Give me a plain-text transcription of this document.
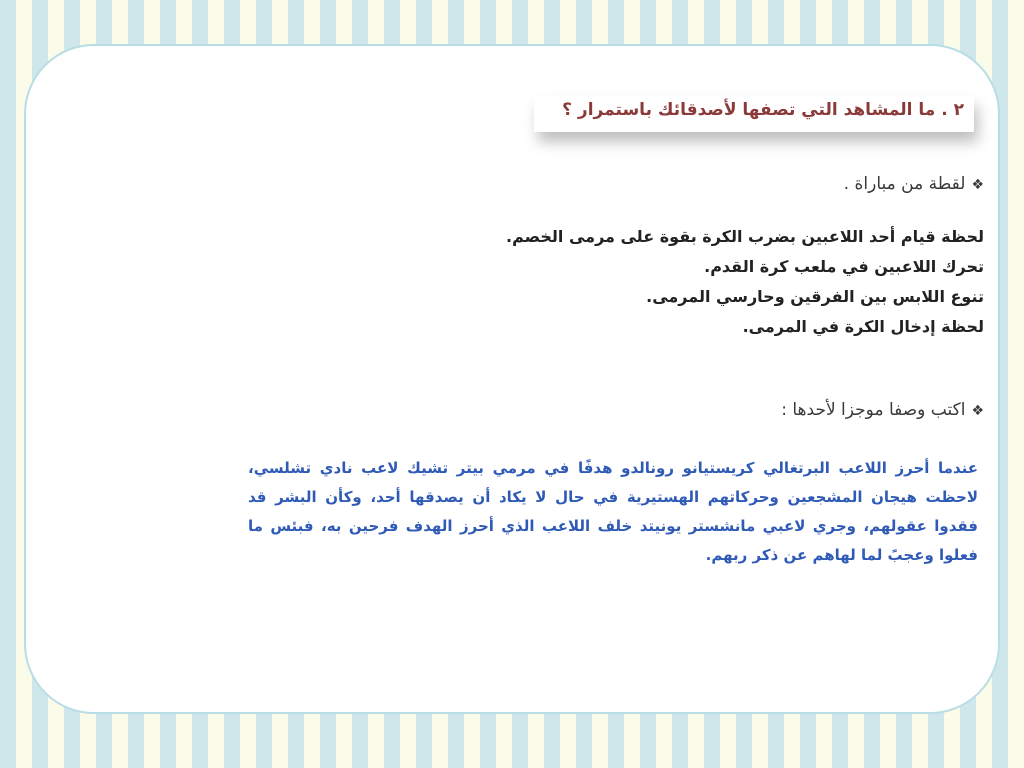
٢ . ما المشاهد التي تصفها لأصدقائك باستمرار ؟
❖لقطة من مباراة .
لحظة قيام أحد اللاعبين بضرب الكرة بقوة على مرمى الخصم.
تحرك اللاعبين في ملعب كرة القدم.
تنوع اللابس بين الفرقين وحارسي المرمى.
لحظة إدخال الكرة في المرمى.
❖اكتب وصفا موجزا لأحدها :
عندما أحرز اللاعب البرتغالي كريستيانو رونالدو هدفًا في مرمي بيتر تشيك لاعب نادي تشلسي، لاحظت هيجان المشجعين وحركاتهم الهستيرية في حال لا يكاد أن يصدقها أحد، وكأن البشر قد فقدوا عقولهم، وجري لاعبي مانشستر يونيتد خلف اللاعب الذي أحرز الهدف فرحين به، فبئس ما فعلوا وعجبً لما لهاهم عن ذكر ربهم.
